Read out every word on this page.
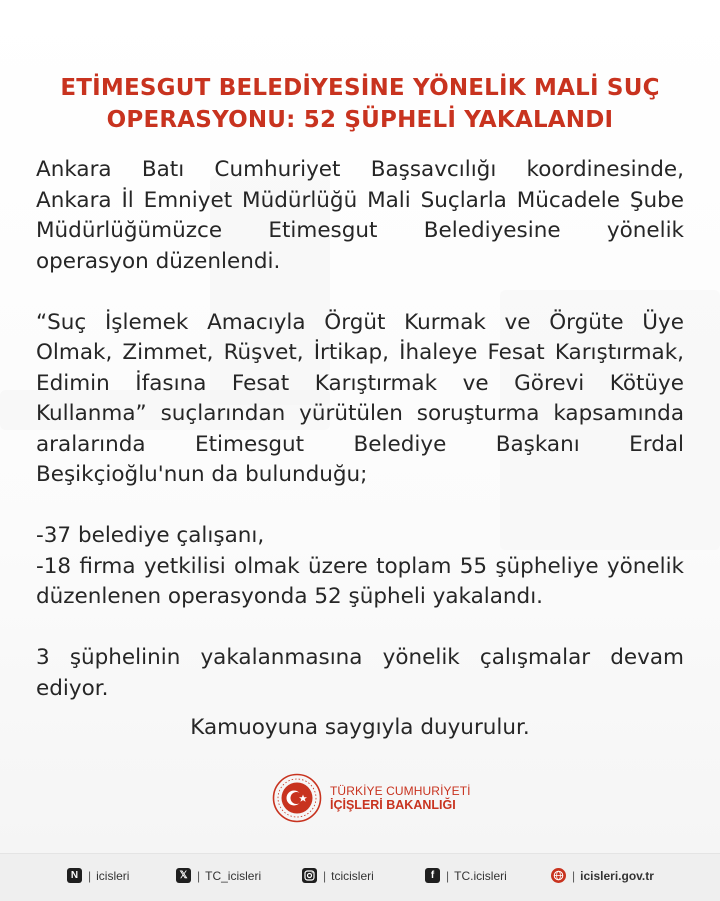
ETİMESGUT BELEDİYESİNE YÖNELİK MALİ SUÇ
OPERASYONU: 52 ŞÜPHELİ YAKALANDI

Ankara Batı Cumhuriyet Başsavcılığı koordinesinde,
Ankara İl Emniyet Müdürlüğü Mali Suçlarla Mücadele Şube
Müdürlüğümüzce Etimesgut Belediyesine yönelik
operasyon düzenlendi.

“Suç İşlemek Amacıyla Örgüt Kurmak ve Örgüte Üye
Olmak, Zimmet, Rüşvet, İrtikap, İhaleye Fesat Karıştırmak,
Edimin İfasına Fesat Karıştırmak ve Görevi Kötüye
Kullanma” suçlarından yürütülen soruşturma kapsamında
aralarında Etimesgut Belediye Başkanı Erdal
Beşikçioğlu'nun da bulunduğu;

-37 belediye çalışanı,
-18 firma yetkilisi olmak üzere toplam 55 şüpheliye yönelik
düzenlenen operasyonda 52 şüpheli yakalandı.

3 şüphelinin yakalanmasına yönelik çalışmalar devam
ediyor.

Kamuoyuna saygıyla duyurulur.
TÜRKİYE CUMHURİYETİ
İÇİŞLERİ BAKANLIĞI
N | icisleri	𝕏 | TC_icisleri	| tcicisleri	f | TC.icisleri	| icisleri.gov.tr
